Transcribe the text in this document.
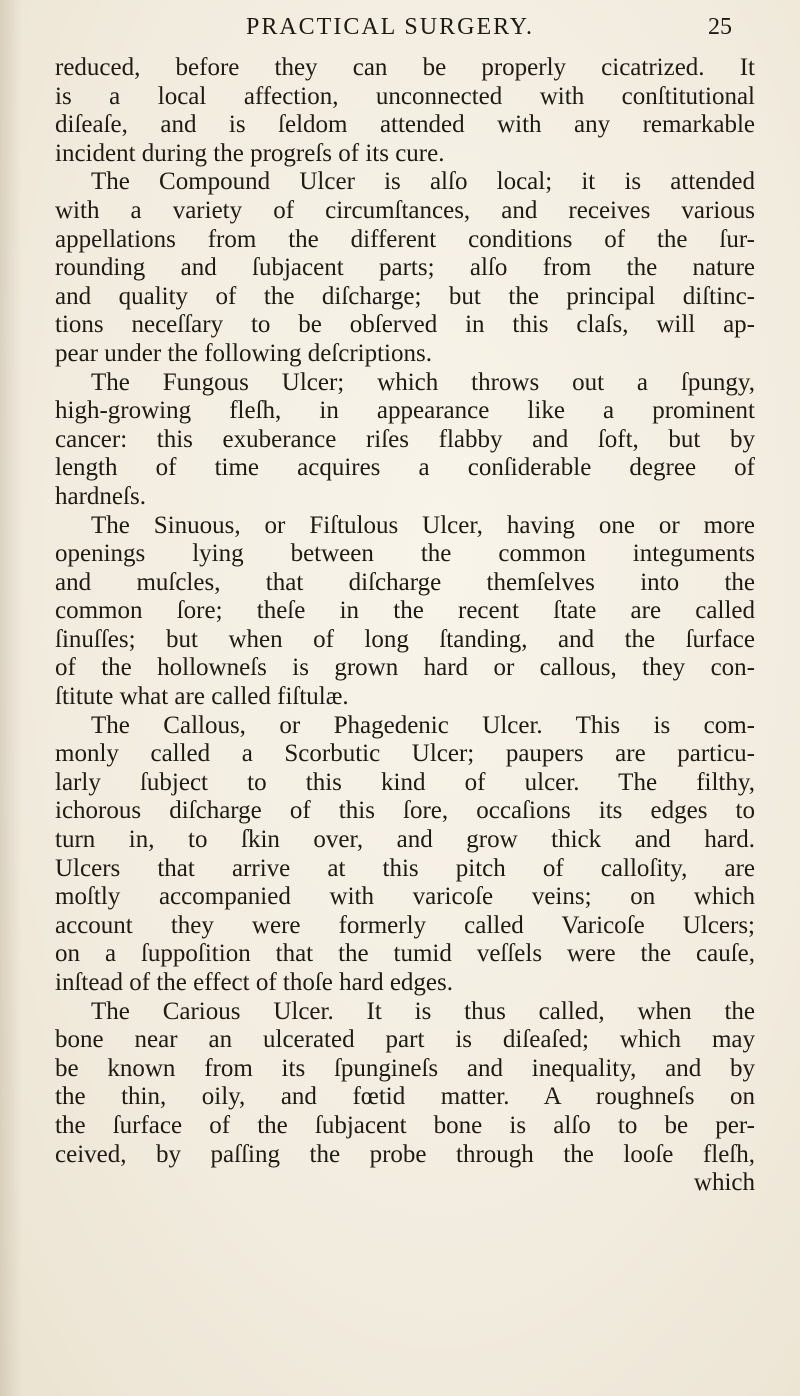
PRACTICAL SURGERY.	25
reduced, before they can be properly cicatrized. It
is a local affection, unconnected with conſtitutional
diſeaſe, and is ſeldom attended with any remarkable
incident during the progreſs of its cure.
The Compound Ulcer is alſo local; it is attended
with a variety of circumſtances, and receives various
appellations from the different conditions of the ſur-
rounding and ſubjacent parts; alſo from the nature
and quality of the diſcharge; but the principal diſtinc-
tions neceſſary to be obſerved in this claſs, will ap-
pear under the following deſcriptions.
The Fungous Ulcer; which throws out a ſpungy,
high-growing fleſh, in appearance like a prominent
cancer: this exuberance riſes flabby and ſoft, but by
length of time acquires a conſiderable degree of
hardneſs.
The Sinuous, or Fiſtulous Ulcer, having one or more
openings lying between the common integuments
and muſcles, that diſcharge themſelves into the
common ſore; theſe in the recent ſtate are called
ſinuſſes; but when of long ſtanding, and the ſurface
of the hollowneſs is grown hard or callous, they con-
ſtitute what are called fiſtulæ.
The Callous, or Phagedenic Ulcer. This is com-
monly called a Scorbutic Ulcer; paupers are particu-
larly ſubject to this kind of ulcer. The filthy,
ichorous diſcharge of this ſore, occaſions its edges to
turn in, to ſkin over, and grow thick and hard.
Ulcers that arrive at this pitch of calloſity, are
moſtly accompanied with varicoſe veins; on which
account they were formerly called Varicoſe Ulcers;
on a ſuppoſition that the tumid veſſels were the cauſe,
inſtead of the effect of thoſe hard edges.
The Carious Ulcer. It is thus called, when the
bone near an ulcerated part is diſeaſed; which may
be known from its ſpungineſs and inequality, and by
the thin, oily, and fœtid matter. A roughneſs on
the ſurface of the ſubjacent bone is alſo to be per-
ceived, by paſſing the probe through the looſe fleſh,
which
